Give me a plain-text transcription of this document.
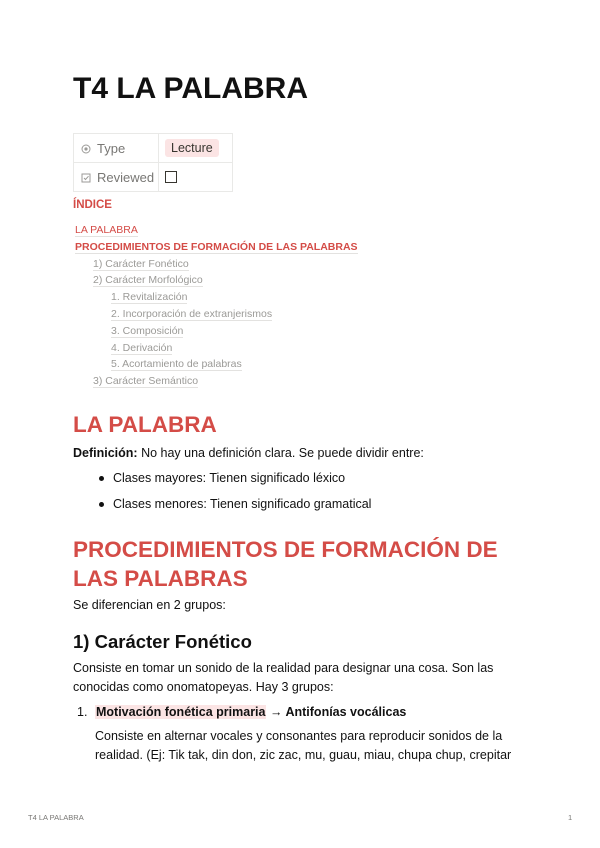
T4 LA PALABRA
Type	Lecture
Reviewed	
ÍNDICE
LA PALABRA
PROCEDIMIENTOS DE FORMACIÓN DE LAS PALABRAS
1) Carácter Fonético
2) Carácter Morfológico
1. Revitalización
2. Incorporación de extranjerismos
3. Composición
4. Derivación
5. Acortamiento de palabras
3) Carácter Semántico
LA PALABRA
Definición: No hay una definición clara. Se puede dividir entre:
Clases mayores: Tienen significado léxico
Clases menores: Tienen significado gramatical
PROCEDIMIENTOS DE FORMACIÓN DE
LAS PALABRAS
Se diferencian en 2 grupos:
1) Carácter Fonético
Consiste en tomar un sonido de la realidad para designar una cosa. Son las
conocidas como onomatopeyas. Hay 3 grupos:
1. Motivación fonética primaria → Antifonías vocálicas
Consiste en alternar vocales y consonantes para reproducir sonidos de la
realidad. (Ej: Tik tak, din don, zic zac, mu, guau, miau, chupa chup, crepitar
T4 LA PALABRA	1
